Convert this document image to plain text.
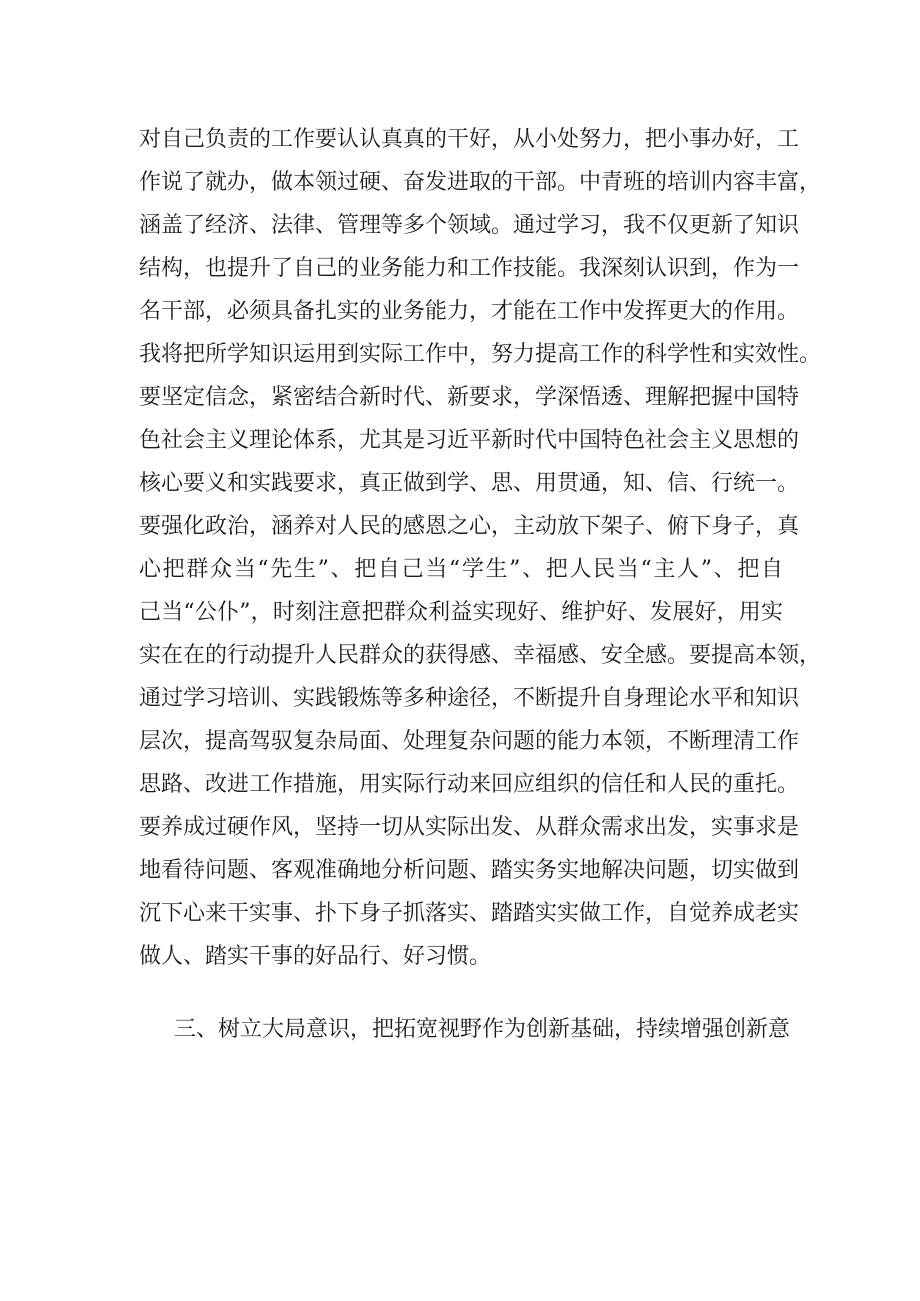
对自己负责的工作要认认真真的干好，从小处努力，把小事办好，工
作说了就办，做本领过硬、奋发进取的干部。中青班的培训内容丰富，
涵盖了经济、法律、管理等多个领域。通过学习，我不仅更新了知识
结构，也提升了自己的业务能力和工作技能。我深刻认识到，作为一
名干部，必须具备扎实的业务能力，才能在工作中发挥更大的作用。
我将把所学知识运用到实际工作中，努力提高工作的科学性和实效性。
要坚定信念，紧密结合新时代、新要求，学深悟透、理解把握中国特
色社会主义理论体系，尤其是习近平新时代中国特色社会主义思想的
核心要义和实践要求，真正做到学、思、用贯通，知、信、行统一。
要强化政治，涵养对人民的感恩之心，主动放下架子、俯下身子，真
心把群众当“先生”、把自己当“学生”、把人民当“主人”、把自
己当“公仆”，时刻注意把群众利益实现好、维护好、发展好，用实
实在在的行动提升人民群众的获得感、幸福感、安全感。要提高本领，
通过学习培训、实践锻炼等多种途径，不断提升自身理论水平和知识
层次，提高驾驭复杂局面、处理复杂问题的能力本领，不断理清工作
思路、改进工作措施，用实际行动来回应组织的信任和人民的重托。
要养成过硬作风，坚持一切从实际出发、从群众需求出发，实事求是
地看待问题、客观准确地分析问题、踏实务实地解决问题，切实做到
沉下心来干实事、扑下身子抓落实、踏踏实实做工作，自觉养成老实
做人、踏实干事的好品行、好习惯。
三、树立大局意识，把拓宽视野作为创新基础，持续增强创新意
